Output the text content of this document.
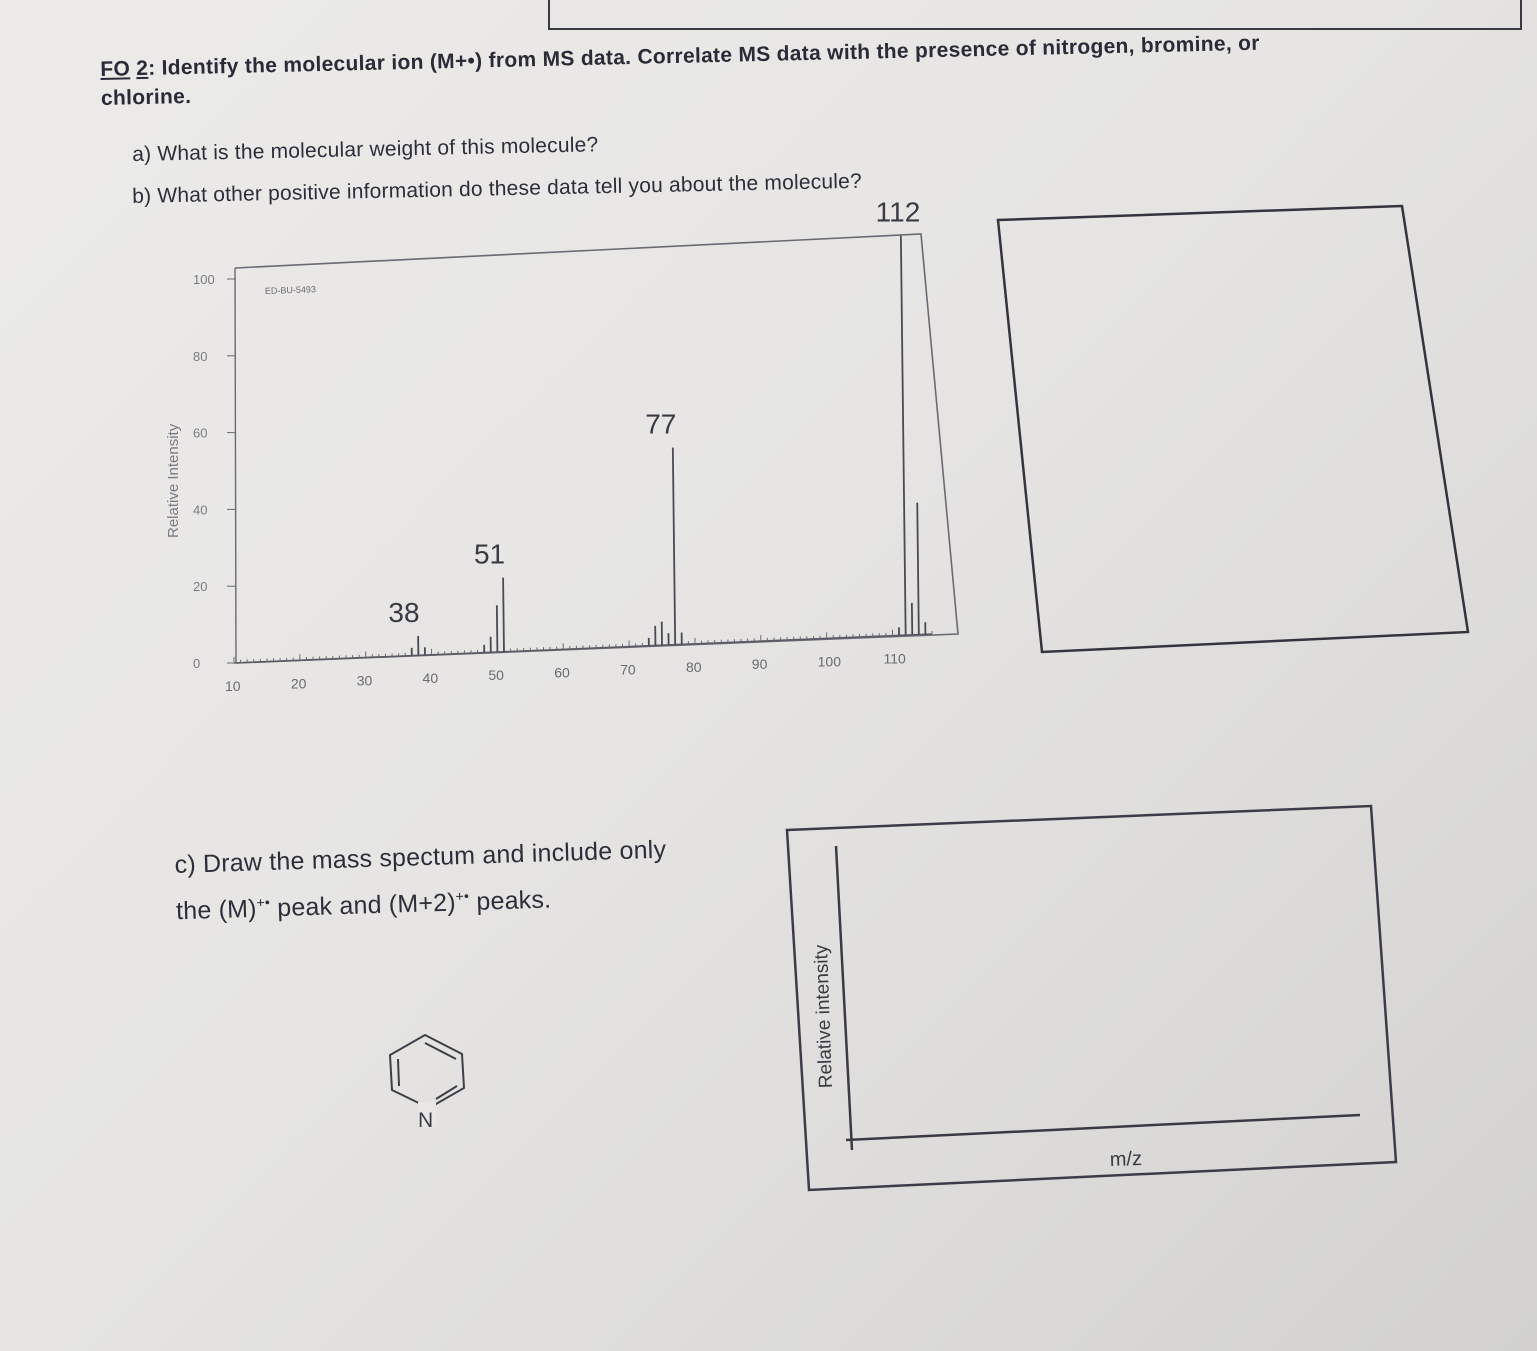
FO 2: Identify the molecular ion (M+•) from MS data. Correlate MS data with the presence of nitrogen, bromine, or chlorine.
a) What is the molecular weight of this molecule?
b) What other positive information do these data tell you about the molecule?
c) Draw the mass spectum and include only the (M)+• peak and (M+2)+• peaks.
10	20	30	40	50	60	70	80	90	100	110
0
20
40
60
80
100
38
51
77
112
ED-BU-5493
Relative Intensity
Relative intensity
m/z
N
